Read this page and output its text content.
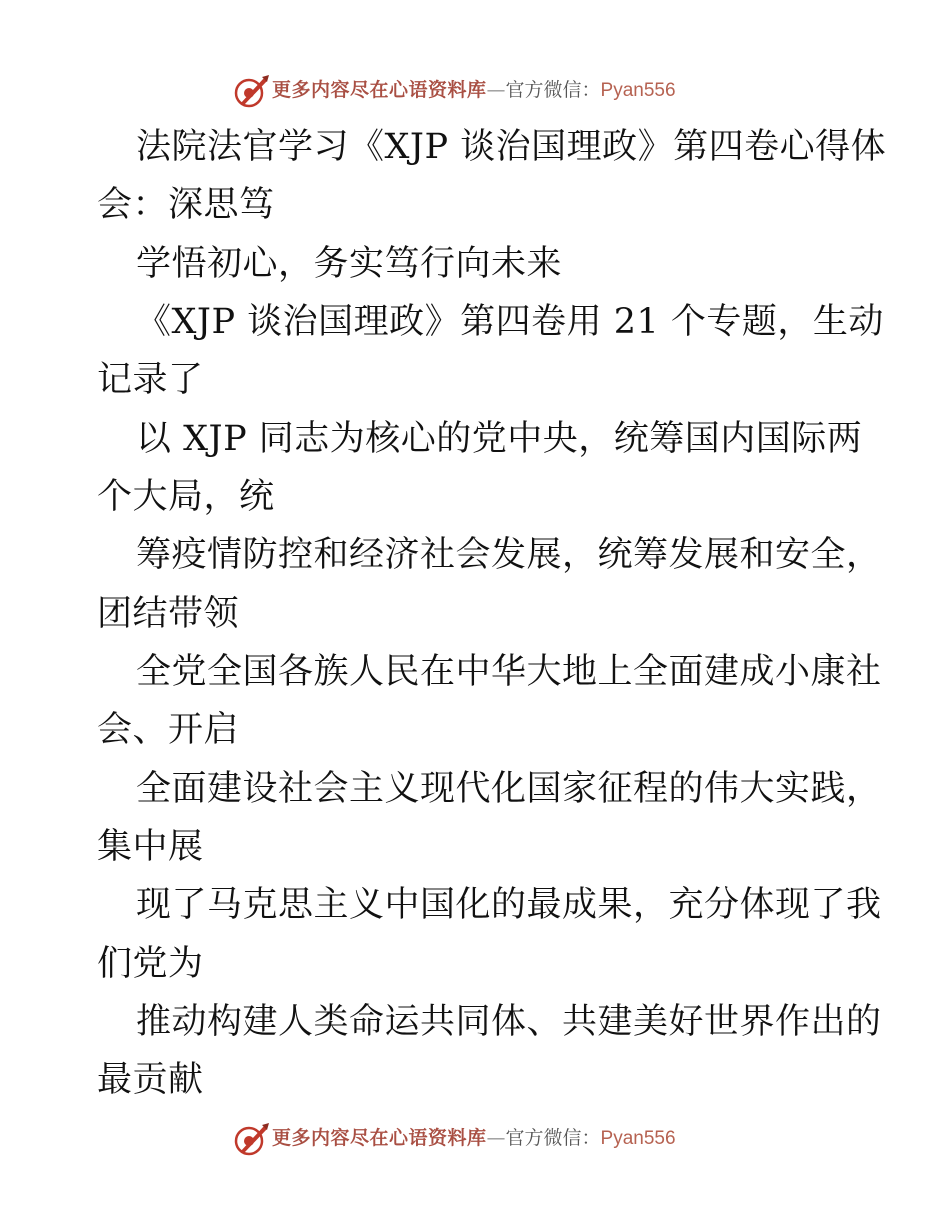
更多内容尽在心语资料库—官方微信：Pyan556
法院法官学习《XJP 谈治国理政》第四卷心得体
会：深思笃
学悟初心，务实笃行向未来
《XJP 谈治国理政》第四卷用 21 个专题，生动
记录了
以 XJP 同志为核心的党中央，统筹国内国际两
个大局，统
筹疫情防控和经济社会发展，统筹发展和安全，
团结带领
全党全国各族人民在中华大地上全面建成小康社
会、开启
全面建设社会主义现代化国家征程的伟大实践，
集中展
现了马克思主义中国化的最成果，充分体现了我
们党为
推动构建人类命运共同体、共建美好世界作出的
最贡献
更多内容尽在心语资料库—官方微信：Pyan556
